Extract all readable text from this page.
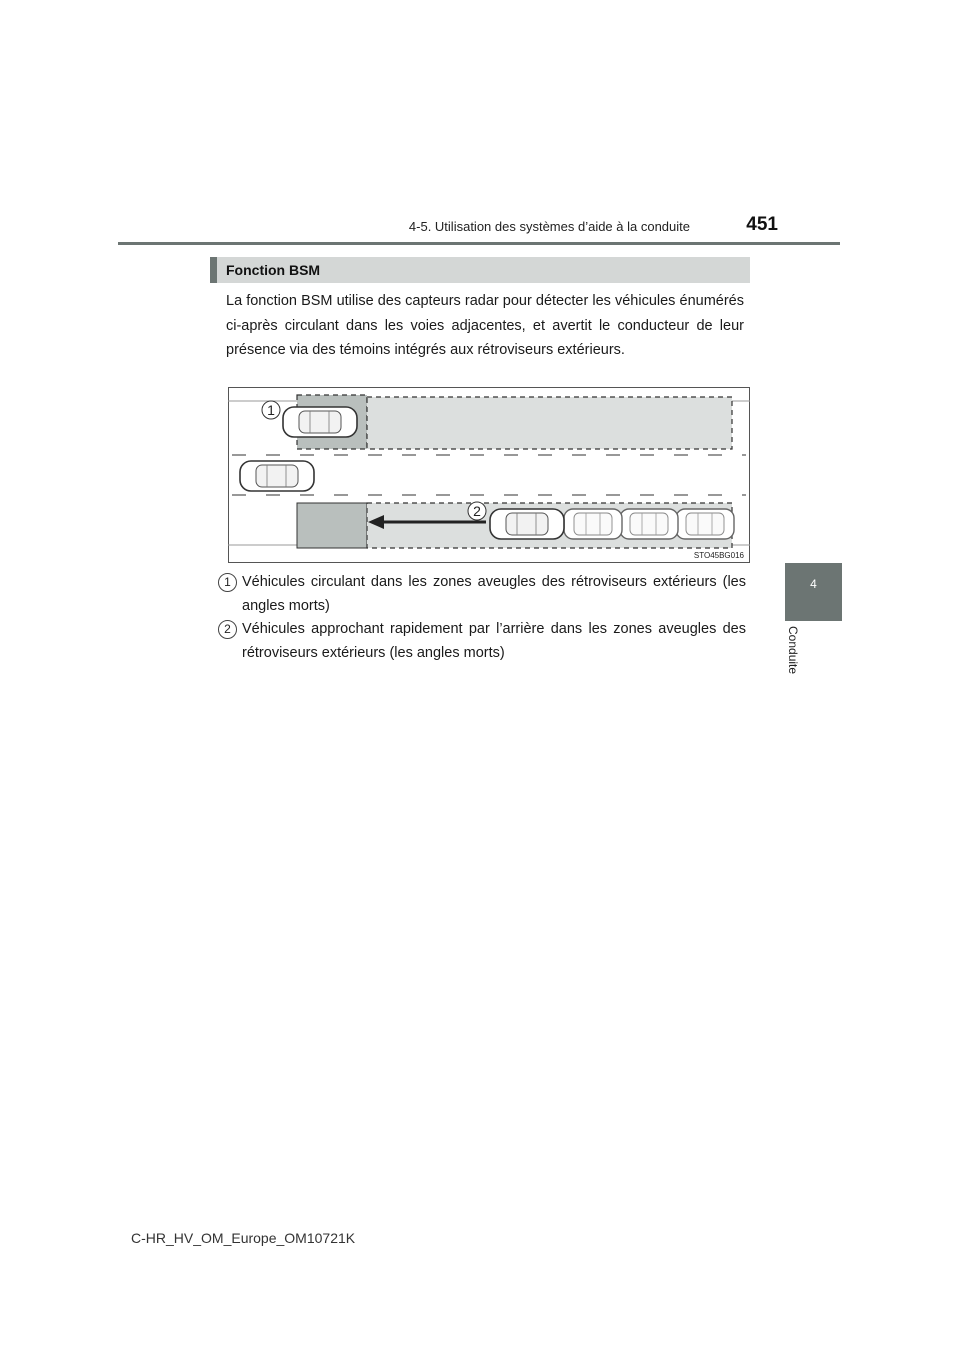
4-5. Utilisation des systèmes d’aide à la conduite	451
4
Conduite
Fonction BSM
La fonction BSM utilise des capteurs radar pour détecter les véhicules énumérés ci-après circulant dans les voies adjacentes, et avertit le conducteur de leur présence via des témoins intégrés aux rétroviseurs extérieurs.
1
2
STO45BG016
1 Véhicules circulant dans les zones aveugles des rétroviseurs extérieurs (les angles morts)
2 Véhicules approchant rapidement par l’arrière dans les zones aveugles des rétroviseurs extérieurs (les angles morts)
C-HR_HV_OM_Europe_OM10721K
